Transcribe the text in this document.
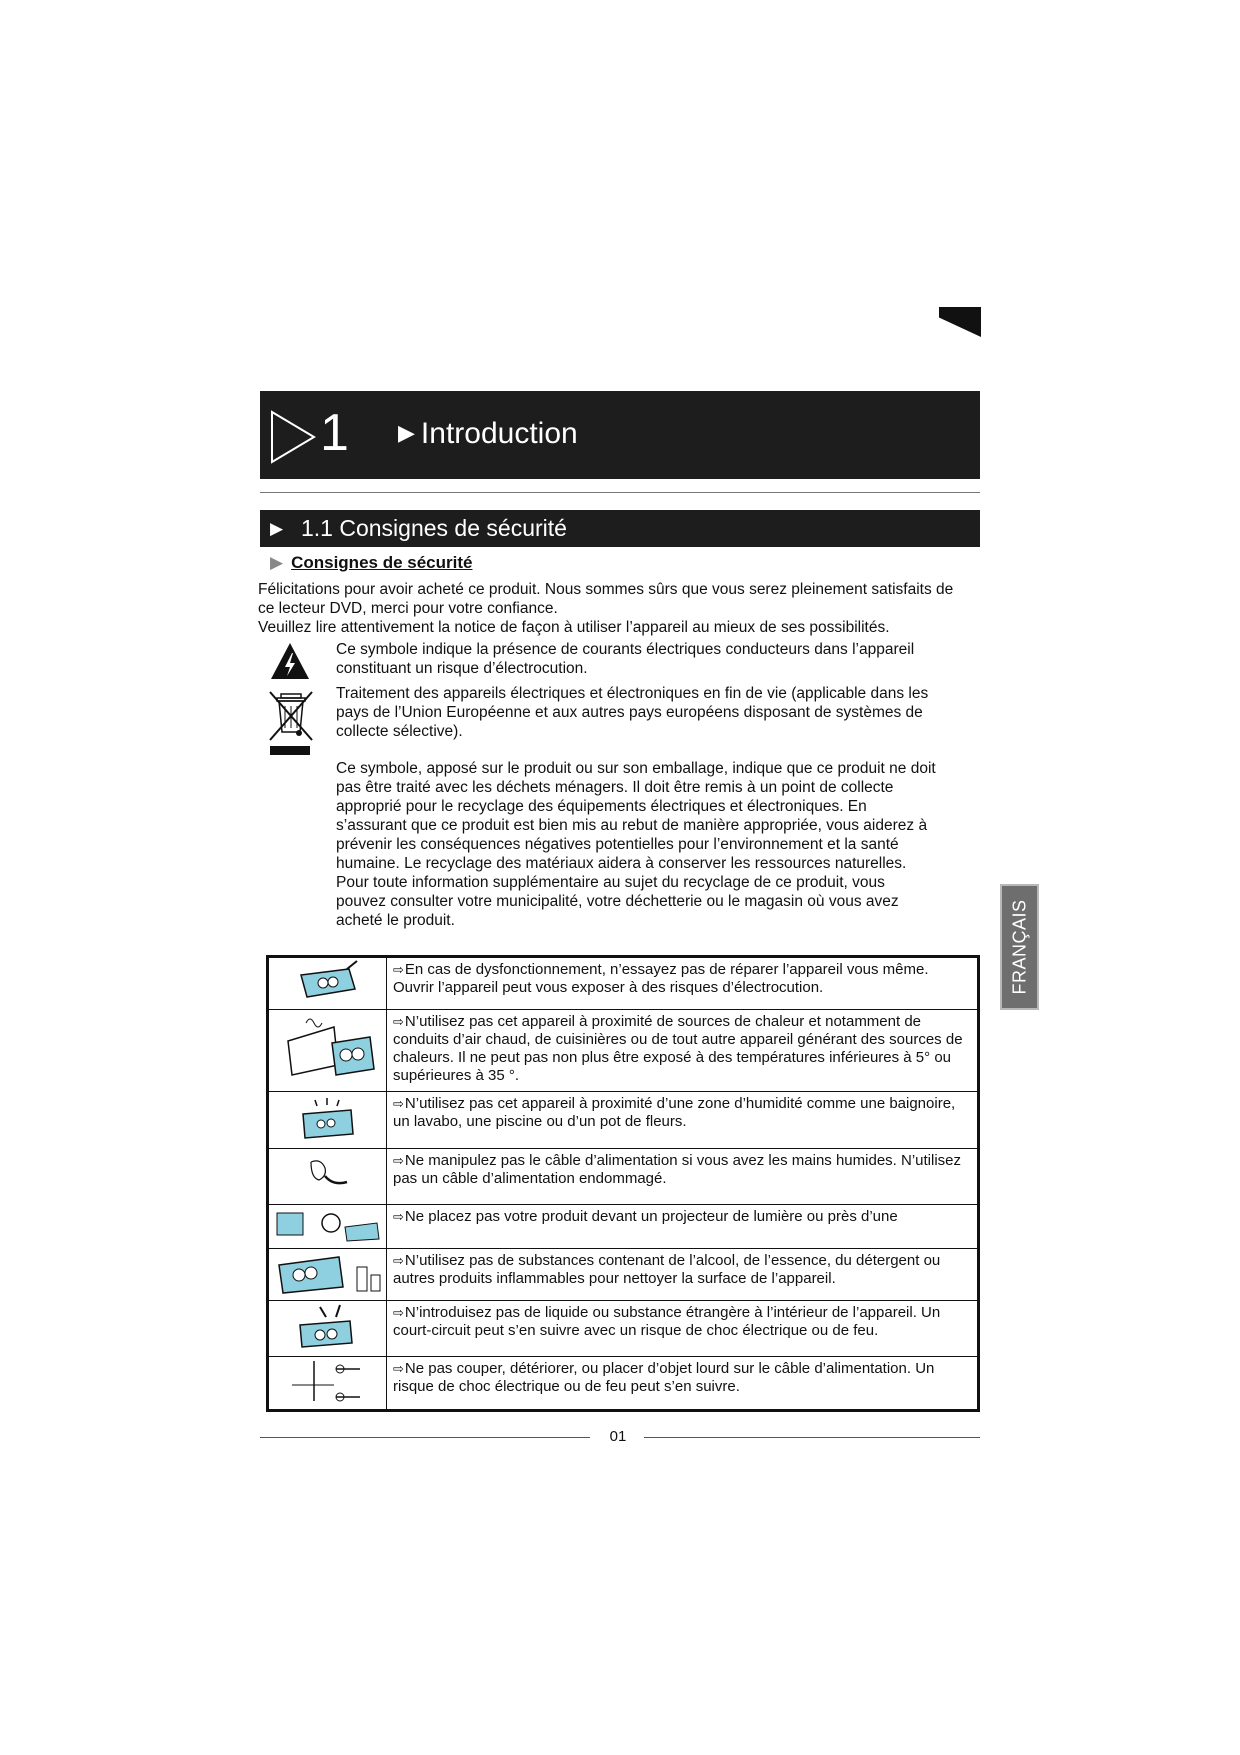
1 ▶ Introduction
▶ 1.1 Consignes de sécurité
▶ Consignes de sécurité

Félicitations pour avoir acheté ce produit. Nous sommes sûrs que vous serez pleinement satisfaits de ce lecteur DVD, merci pour votre confiance.

Veuillez lire attentivement la notice de façon à utiliser l’appareil au mieux de ses possibilités.

Ce symbole indique la présence de courants électriques conducteurs dans l’appareil constituant un risque d’électrocution.

Traitement des appareils électriques et électroniques en fin de vie (applicable dans les pays de l’Union Européenne et aux autres pays européens disposant de systèmes de collecte sélective).

Ce symbole, apposé sur le produit ou sur son emballage, indique que ce produit ne doit pas être traité avec les déchets ménagers. Il doit être remis à un point de collecte approprié pour le recyclage des équipements électriques et électroniques. En s’assurant que ce produit est bien mis au rebut de manière appropriée, vous aiderez à prévenir les conséquences négatives potentielles pour l’environnement et la santé humaine. Le recyclage des matériaux aidera à conserver les ressources naturelles. Pour toute information supplémentaire au sujet du recyclage de ce produit, vous pouvez consulter votre municipalité, votre déchetterie ou le magasin où vous avez acheté le produit.	FRANÇAIS
	⇨En cas de dysfonctionnement, n’essayez pas de réparer l’appareil vous même. Ouvrir l’appareil peut vous exposer à des risques d’électrocution.
	⇨N’utilisez pas cet appareil à proximité de sources de chaleur et notamment de conduits d’air chaud, de cuisinières ou de tout autre appareil générant des sources de chaleurs. Il ne peut pas non plus être exposé à des températures inférieures à 5° ou supérieures à 35 °.
	⇨N’utilisez pas cet appareil à proximité d’une zone d’humidité comme une baignoire, un lavabo, une piscine ou d’un pot de fleurs.
	⇨Ne manipulez pas le câble d’alimentation si vous avez les mains humides. N’utilisez pas un câble d’alimentation endommagé.
	⇨Ne placez pas votre produit devant un projecteur de lumière ou près d’une
	⇨N’utilisez pas de substances contenant de l’alcool, de l’essence, du détergent ou autres produits inflammables pour nettoyer la surface de l’appareil.
	⇨N’introduisez pas de liquide ou substance étrangère à l’intérieur de l’appareil. Un court-circuit peut s’en suivre avec un risque de choc électrique ou de feu.
	⇨Ne pas couper, détériorer, ou placer d’objet lourd sur le câble d’alimentation. Un risque de choc électrique ou de feu peut s’en suivre.
01
